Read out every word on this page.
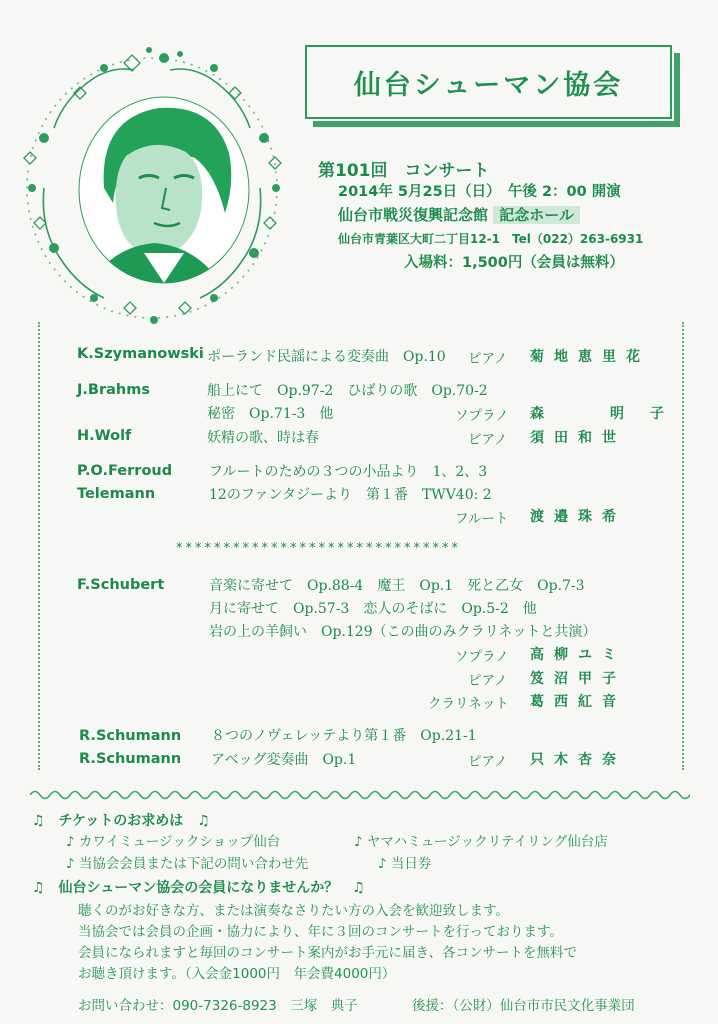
仙台シューマン協会
第101回　コンサート
2014年 5月25日（日）　午後 2：00 開演
仙台市戦災復興記念館 記念ホール
仙台市青葉区大町二丁目12-1　Tel（022）263-6931
入場料：1,500円（会員は無料）
K.Szymanowski ポーランド民謡による変奏曲　Op.10 ピアノ 菊地恵里花
J.Brahms	船上にて　Op.97-2　ひばりの歌　Op.70-2
秘密　Op.71-3　他	ソプラノ 森　明子
H.Wolf	妖精の歌、時は春	ピアノ 須田和世
P.O.Ferroud	フルートのための３つの小品より　1、2、3
Telemann	12のファンタジーより　第１番　TWV40: 2
フルート 渡邉珠希
******************************
F.Schubert	音楽に寄せて　Op.88-4　魔王　Op.1　死と乙女　Op.7-3
月に寄せて　Op.57-3　恋人のそばに　Op.5-2　他
岩の上の羊飼い　Op.129（この曲のみクラリネットと共演）
ソプラノ 高柳ユミ
ピアノ 笈沼甲子
クラリネット 葛西紅音
R.Schumann ８つのノヴェレッテより第１番　Op.21-1
R.Schumann アベッグ変奏曲　Op.1	ピアノ 只木杏奈
♫　チケットのお求めは　♫
♪ カワイミュージックショップ仙台	♪ ヤマハミュージックリテイリング仙台店
♪ 当協会会員または下記の問い合わせ先	♪ 当日券
♫　仙台シューマン協会の会員になりませんか？　♫
聴くのがお好きな方、または演奏なさりたい方の入会を歓迎致します。
当協会では会員の企画・協力により、年に３回のコンサートを行っております。
会員になられますと毎回のコンサート案内がお手元に届き、各コンサートを無料で
お聴き頂けます。（入会金1000円　年会費4000円）
お問い合わせ：090-7326-8923　三塚　典子	後援：（公財）仙台市市民文化事業団
